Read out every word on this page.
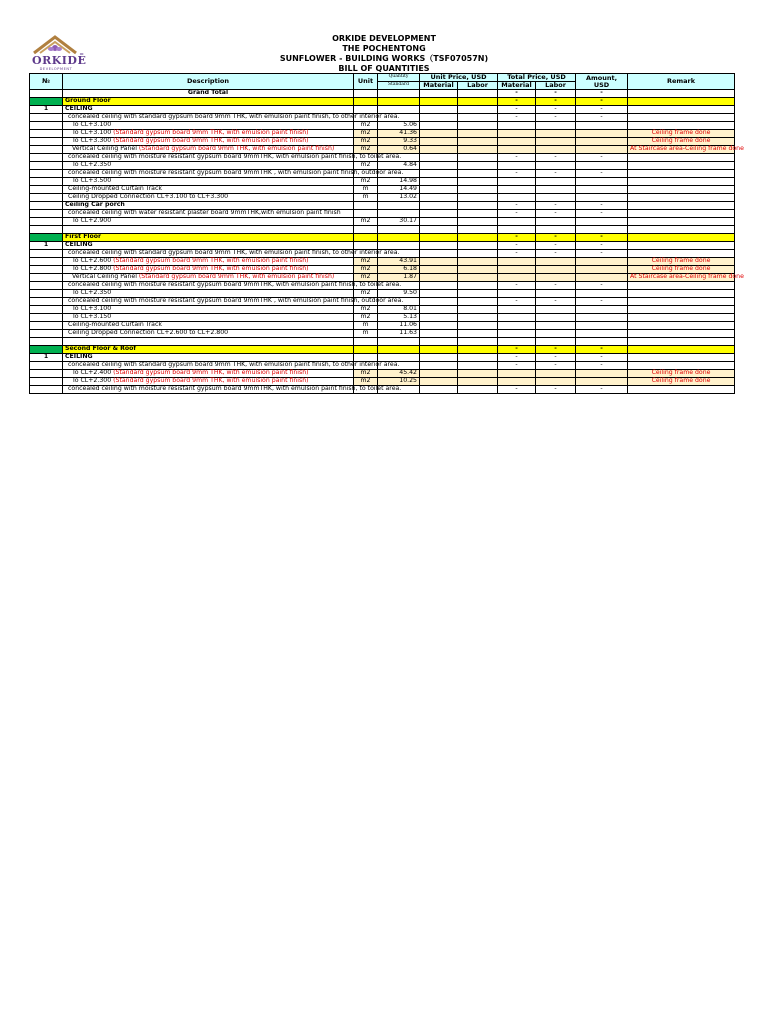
ORKIDĒ
DEVELOPMENT
ORKIDE DEVELOPMENT
THE POCHENTONG
SUNFLOWER - BUILDING WORKS（TSF07057N)
BILL OF QUANTITIES
№	Description	Unit	Quantity	Unit Price, USD		Total Price, USD		Amount, USD	Remark
			Standard	Material	Labor	Material	Labor		
	Grand Total					-	-	-	
	Ground Floor					-	-	-	
1	CEILING					-	-	-	
	concealed ceiling with standard gypsum board 9mm THK, with emulsion paint finish, to other interior area.					-	-	-	
	To CL+3.100	m2	5.06						
	To CL+3.100 (Standard gypsum board 9mm THK, with emulsion paint finish)	m2	41.36						Ceiling frame done
	To CL+3.300 (Standard gypsum board 9mm THK, with emulsion paint finish)	m2	9.33						Ceiling frame done
	Vertical Ceiling Panel (Standard gypsum board 9mm THK, with emulsion paint finish)	m2	0.64						At Staircase area-Ceiling frame done
	concealed ceiling with moisture resistant gypsum board 9mmTHK, with emulsion paint finish, to toilet area.					-	-	-	
	To CL+2.350	m2	4.84						
	concealed ceiling with moisture resistant gypsum board 9mmTHK , with emulsion paint finish, outdoor area.					-	-	-	
	To CL+3.500	m2	14.98						
	Ceiling-mounted Curtain Track	m	14.49						
	Ceiling Dropped Connection CL+3.100 to CL+3.300	m	13.02						
	Ceiling Car porch					-	-	-	
	concealed ceiling with water resistant plaster board 9mmTHK,with emulsion paint finish					-	-	-	
	To CL+2.900	m2	30.17						

	First Floor					-	-	-	
1	CEILING					-	-	-	
	concealed ceiling with standard gypsum board 9mm THK, with emulsion paint finish, to other interior area.					-	-	-	
	To CL+2.600 (Standard gypsum board 9mm THK, with emulsion paint finish)	m2	43.91						Ceiling frame done
	To CL+2.800 (Standard gypsum board 9mm THK, with emulsion paint finish)	m2	6.18						Ceiling frame done
	Vertical Ceiling Panel (Standard gypsum board 9mm THK, with emulsion paint finish)	m2	1.87						At Staircase area-Ceiling frame done
	concealed ceiling with moisture resistant gypsum board 9mmTHK, with emulsion paint finish, to toilet area.					-	-	-	
	To CL+2.350	m2	9.50						
	concealed ceiling with moisture resistant gypsum board 9mmTHK , with emulsion paint finish, outdoor area.					-	-	-	
	To CL+3.100	m2	8.01						
	To CL+3.150	m2	5.13						
	Ceiling-mounted Curtain Track	m	11.06						
	Ceiling Dropped Connection CL+2.600 to CL+2.800	m	11.63						

	Second Floor & Roof					-	-	-	
1	CEILING					-	-	-	
	concealed ceiling with standard gypsum board 9mm THK, with emulsion paint finish, to other interior area.					-	-	-	
	To CL+2.400 (Standard gypsum board 9mm THK, with emulsion paint finish)	m2	45.42						Ceiling frame done
	To CL+2.300 (Standard gypsum board 9mm THK, with emulsion paint finish)	m2	10.25						Ceiling frame done
	concealed ceiling with moisture resistant gypsum board 9mmTHK, with emulsion paint finish, to toilet area.					-	-	-	
